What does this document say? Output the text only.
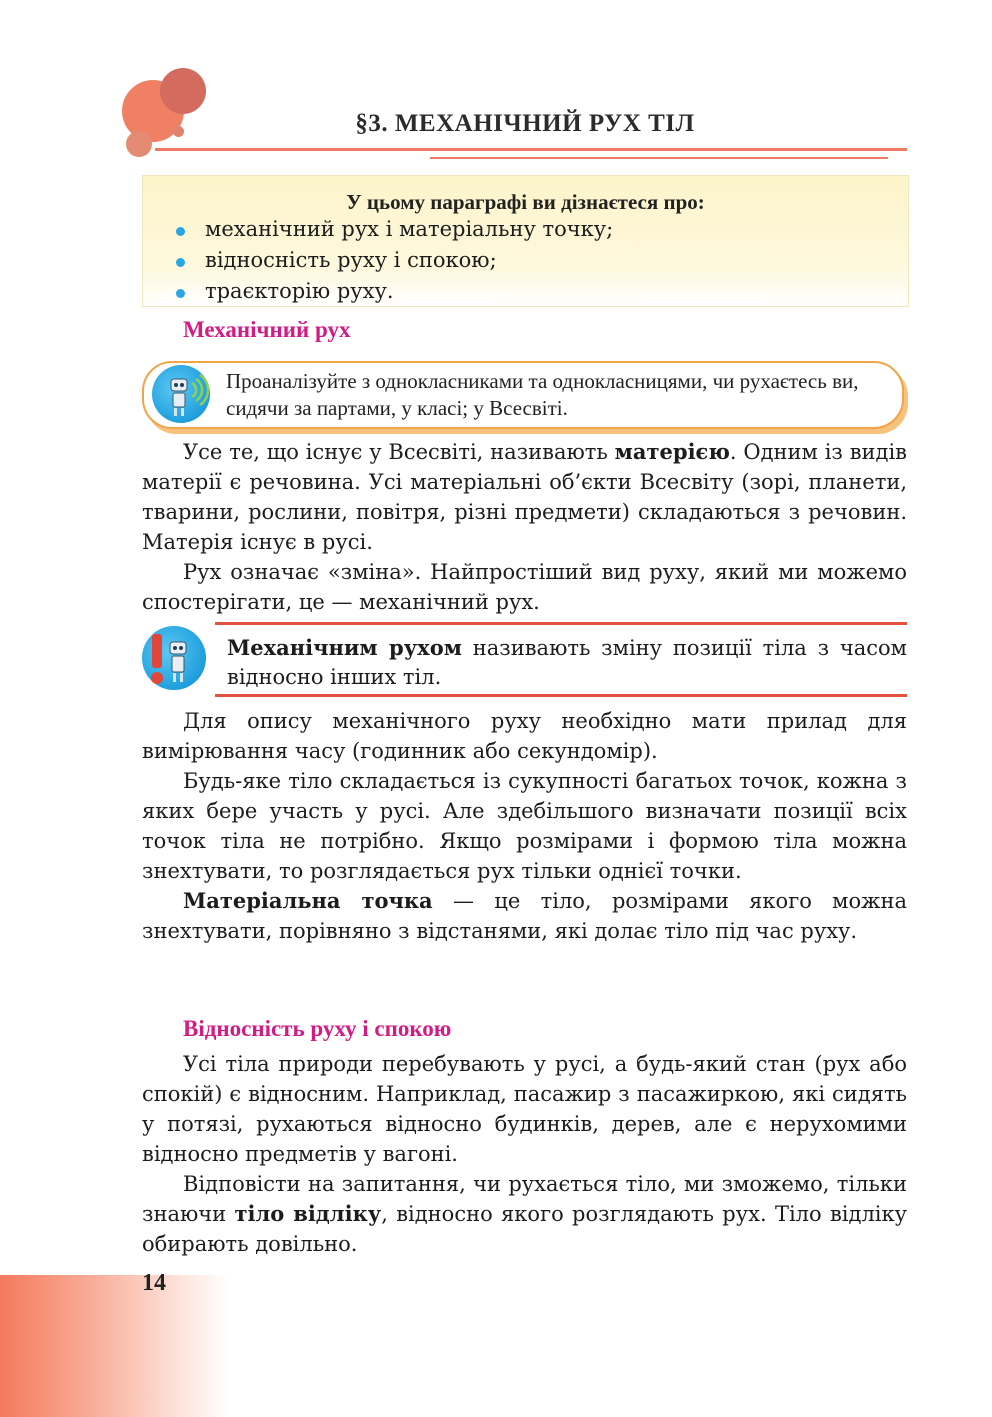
§3. МЕХАНІЧНИЙ РУХ ТІЛ
У цьому параграфі ви дізнаєтеся про:
механічний рух і матеріальну точку;
відносність руху і спокою;
траєкторію руху.
Механічний рух
Проаналізуйте з однокласниками та однокласницями, чи рухаєтесь ви, сидячи за партами, у класі; у Всесвіті.

Усе те, що існує у Всесвіті, називають матерією. Одним із видів матерії є речовина. Усі матеріальні об’єкти Всесвіту (зорі, планети, тварини, рослини, повітря, різні предмети) складаються з речовин. Матерія існує в русі.

Рух означає «зміна». Найпростіший вид руху, який ми можемо спостерігати, це — механічний рух.

Механічним рухом називають зміну позиції тіла з часом відносно інших тіл.

Для опису механічного руху необхідно мати прилад для вимірювання часу (годинник або секундомір).

Будь-яке тіло складається із сукупності багатьох точок, кожна з яких бере участь у русі. Але здебільшого визначати позиції всіх точок тіла не потрібно. Якщо розмірами і формою тіла можна знехтувати, то розглядається рух тільки однієї точки.

Матеріальна точка — це тіло, розмірами якого можна знехтувати, порівняно з відстанями, які долає тіло під час руху.

Відносність руху і спокою

Усі тіла природи перебувають у русі, а будь-який стан (рух або спокій) є відносним. Наприклад, пасажир з пасажиркою, які сидять у потязі, рухаються відносно будинків, дерев, але є нерухомими відносно предметів у вагоні.

Відповісти на запитання, чи рухається тіло, ми зможемо, тільки знаючи тіло відліку, відносно якого розглядають рух. Тіло відліку обирають довільно.

14
